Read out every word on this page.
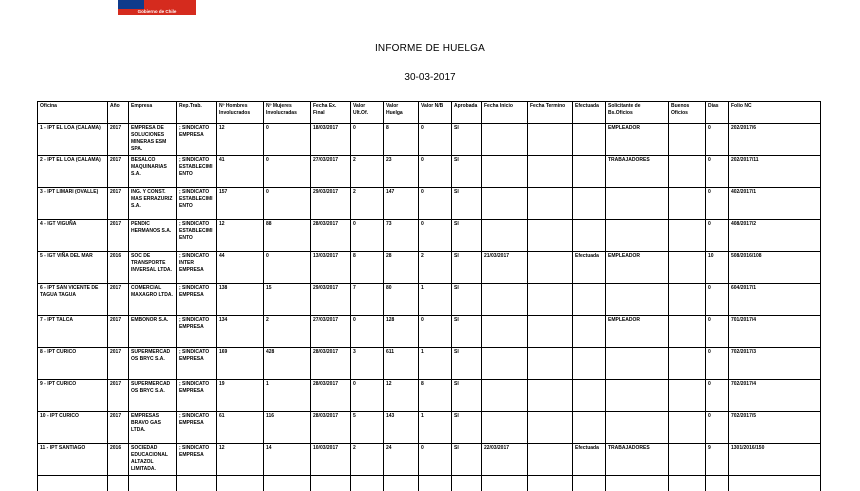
Gobierno de Chile
INFORME DE HUELGA
30-03-2017
Oficina	Año	Empresa	Rep.Trab.	Nº Hombres Involucrados	Nº Mujeres Involucradas	Fecha Ex. Final	Valor Ult.Of.	Valor Huelga	Valor N/B	Aprobada	Fecha Inicio	Fecha Termino	Efectuada	Solicitante de Bs.Oficios	Buenos Oficios	Días	Folio NC
1 - IPT EL LOA (CALAMA)	2017	EMPRESA DE SOLUCIONES MINERAS ESM SPA.	; SINDICATO EMPRESA	12	0	18/03/2017	0	8	0	SI				EMPLEADOR		0	202/2017/6
2 - IPT EL LOA (CALAMA)	2017	BESALCO MAQUINARIAS S.A.	; SINDICATO ESTABLECIMIENTO	41	0	27/03/2017	2	23	0	SI				TRABAJADORES		0	202/2017/11
3 - IPT LIMARI (OVALLE)	2017	ING. Y CONST. MAS ERRAZURIZ S.A.	; SINDICATO ESTABLECIMIENTO	157	0	29/03/2017	2	147	0	SI						0	402/2017/1
4 - IGT VIGUÑA	2017	PENDIC HERMANOS S.A.	; SINDICATO ESTABLECIMIENTO	12	88	28/03/2017	0	73	0	SI						0	408/2017/2
5 - IGT VIÑA DEL MAR	2016	SOC DE TRANSPORTE INVERSAL LTDA.	; SINDICATO INTER EMPRESA	44	0	13/03/2017	8	28	2	SI	21/03/2017		Efectuada	EMPLEADOR		10	508/2016/108
6 - IPT SAN VICENTE DE TAGUA TAGUA	2017	COMERCIAL MAXAGRO LTDA.	; SINDICATO EMPRESA	138	15	29/03/2017	7	80	1	SI						0	604/2017/1
7 - IPT TALCA	2017	EMBONOR S.A.	; SINDICATO EMPRESA	134	2	27/03/2017	0	128	0	SI				EMPLEADOR		0	701/2017/4
8 - IPT CURICO	2017	SUPERMERCADOS BRYC S.A.	; SINDICATO EMPRESA	169	428	28/03/2017	3	611	1	SI						0	702/2017/3
9 - IPT CURICO	2017	SUPERMERCADOS BRYC S.A.	; SINDICATO EMPRESA	19	1	28/03/2017	0	12	8	SI						0	702/2017/4
10 - IPT CURICO	2017	EMPRESAS BRAVO GAS LTDA.	; SINDICATO EMPRESA	61	116	28/03/2017	5	143	1	SI						0	702/2017/5
11 - IPT SANTIAGO	2016	SOCIEDAD EDUCACIONAL ALTAZOL LIMITADA.	; SINDICATO EMPRESA	12	14	10/03/2017	2	24	0	SI	22/03/2017		Efectuada	TRABAJADORES		9	1301/2016/150
